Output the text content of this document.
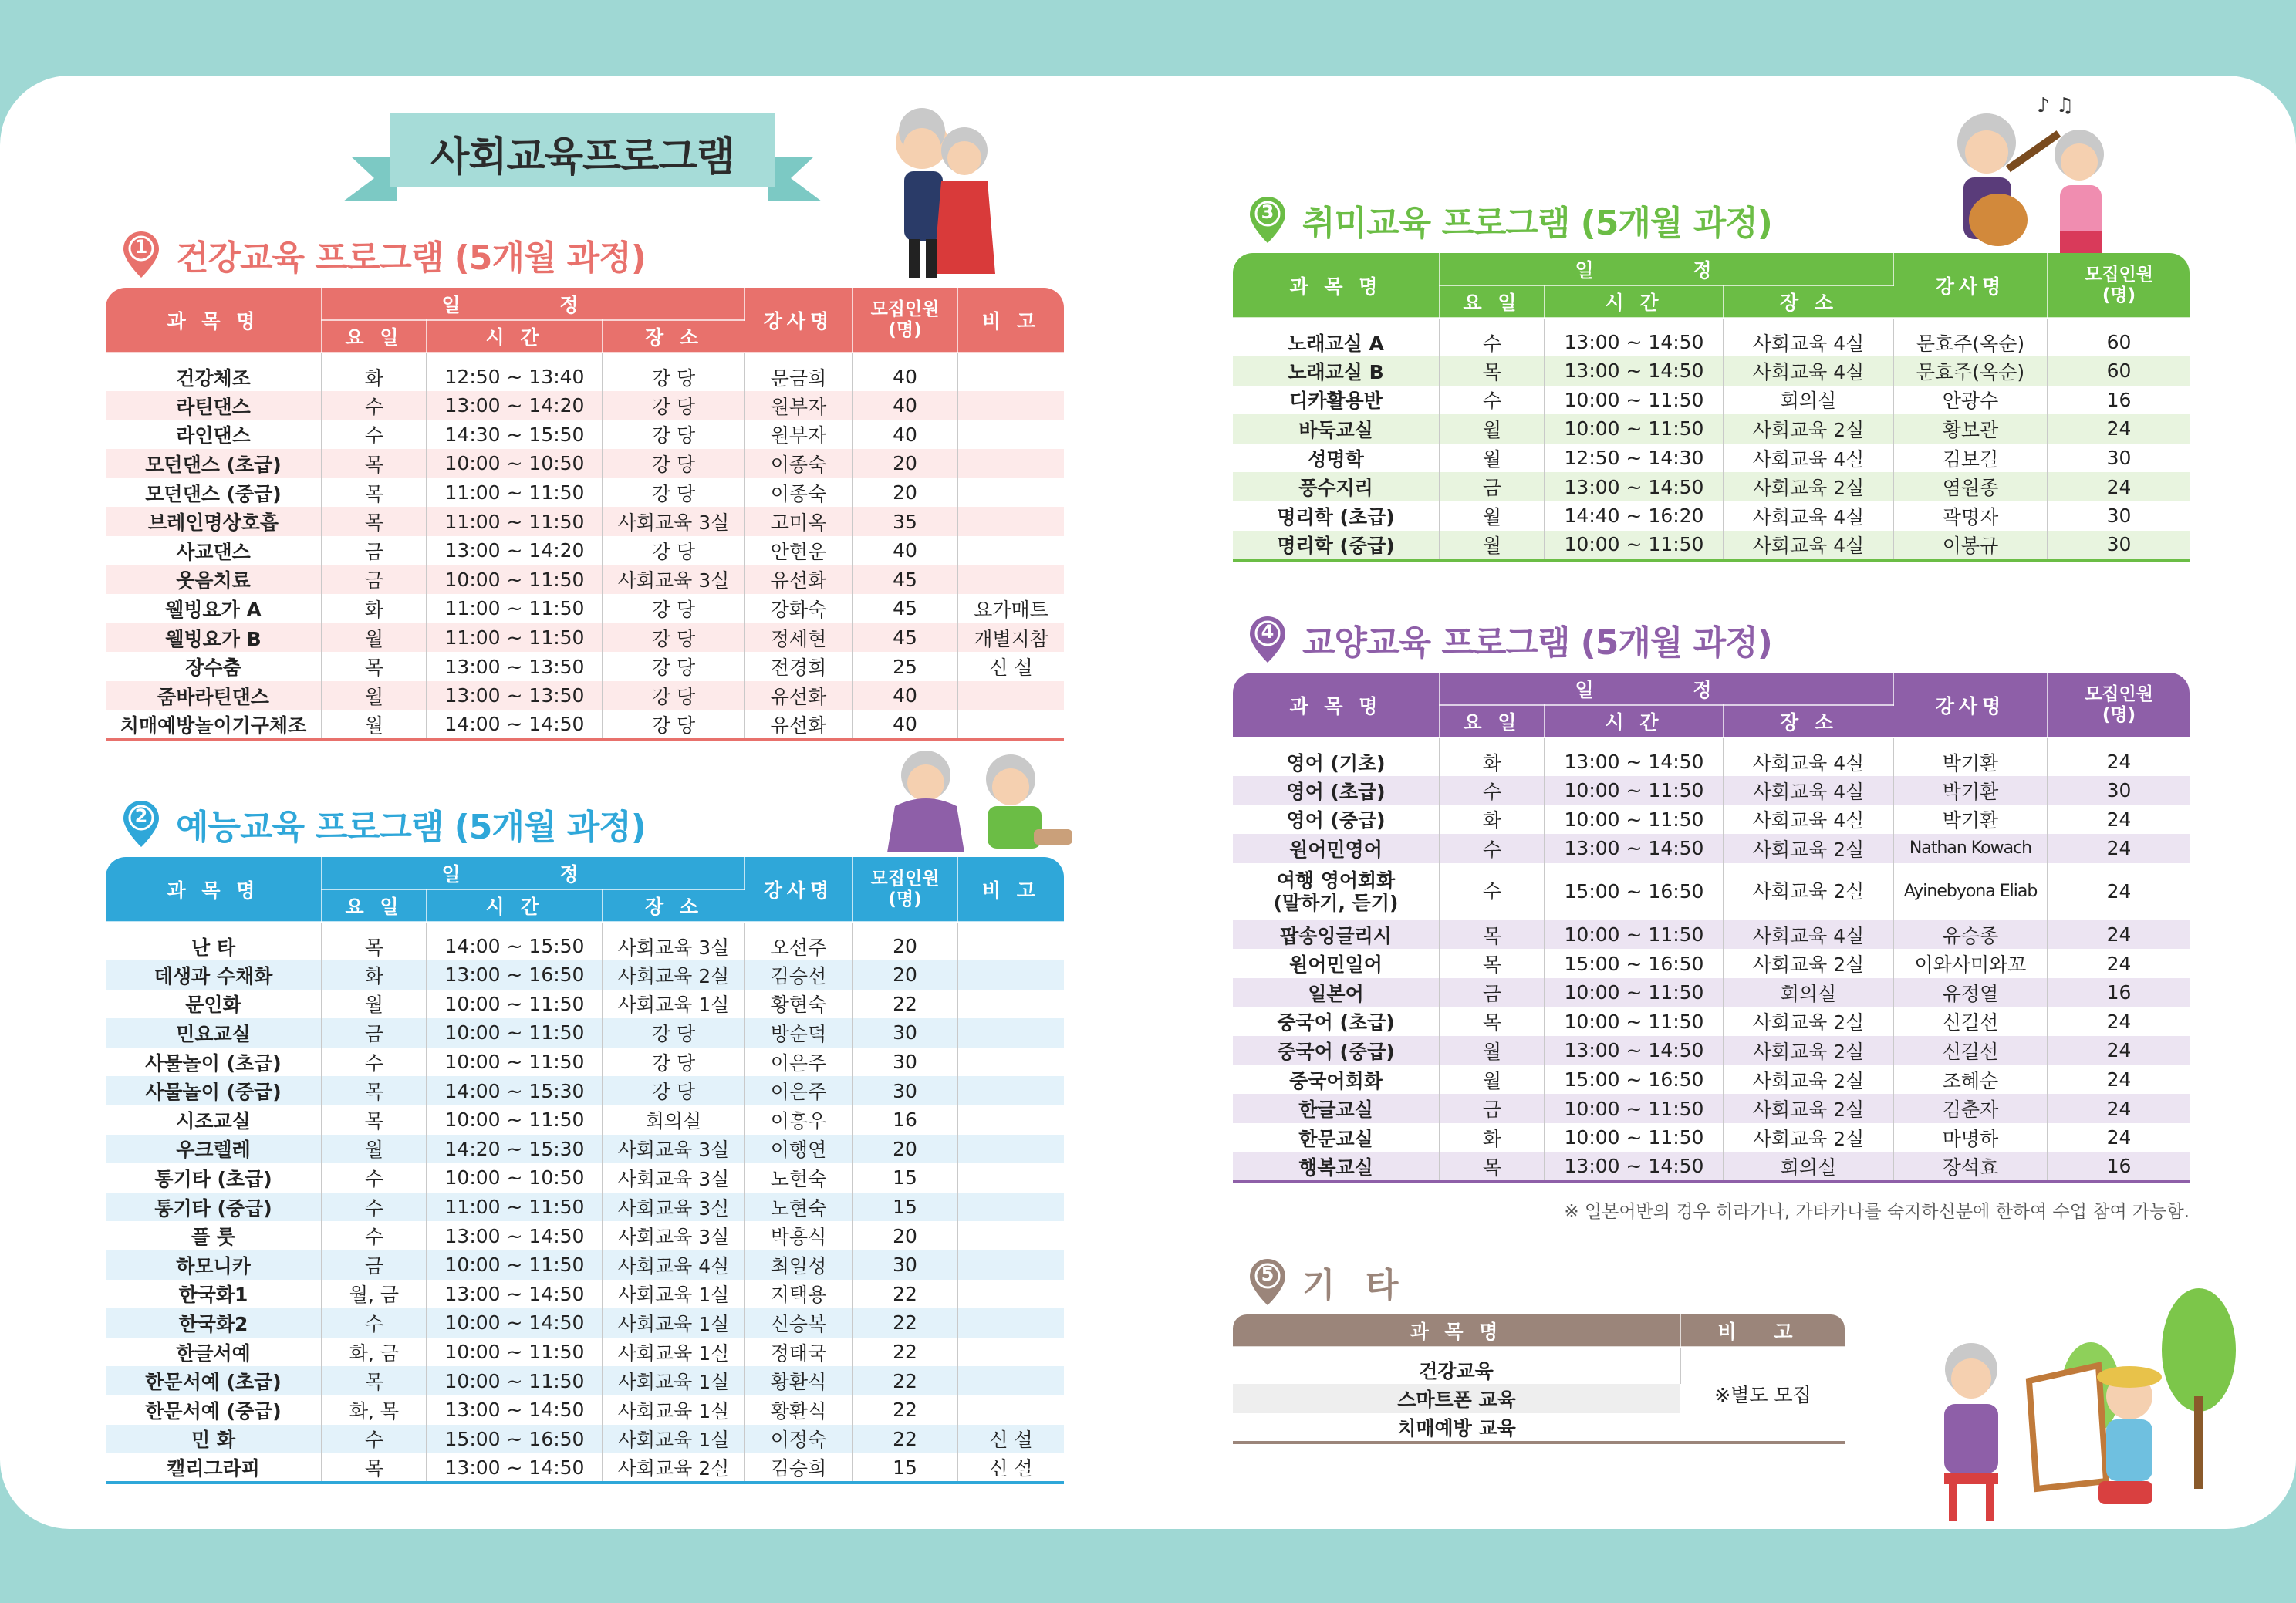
사회교육프로그램
♪ ♫
1 건강교육 프로그램 (5개월 과정)
과 목 명	일 정			강사명	모집인원
(명)	비 고
	요 일	시 간	장 소			
건강체조	화	12:50 ~ 13:40	강 당	문금희	40	
라틴댄스	수	13:00 ~ 14:20	강 당	원부자	40	
라인댄스	수	14:30 ~ 15:50	강 당	원부자	40	
모던댄스 (초급)	목	10:00 ~ 10:50	강 당	이종숙	20	
모던댄스 (중급)	목	11:00 ~ 11:50	강 당	이종숙	20	
브레인명상호흡	목	11:00 ~ 11:50	사회교육 3실	고미옥	35	
사교댄스	금	13:00 ~ 14:20	강 당	안현운	40	
웃음치료	금	10:00 ~ 11:50	사회교육 3실	유선화	45	
웰빙요가 A	화	11:00 ~ 11:50	강 당	강화숙	45	요가매트
웰빙요가 B	월	11:00 ~ 11:50	강 당	정세현	45	개별지참
장수춤	목	13:00 ~ 13:50	강 당	전경희	25	신 설
줌바라틴댄스	월	13:00 ~ 13:50	강 당	유선화	40	
치매예방놀이기구체조	월	14:00 ~ 14:50	강 당	유선화	40	
2 예능교육 프로그램 (5개월 과정)
과 목 명	일 정			강사명	모집인원
(명)	비 고
	요 일	시 간	장 소			
난 타	목	14:00 ~ 15:50	사회교육 3실	오선주	20	
데생과 수채화	화	13:00 ~ 16:50	사회교육 2실	김승선	20	
문인화	월	10:00 ~ 11:50	사회교육 1실	황현숙	22	
민요교실	금	10:00 ~ 11:50	강 당	방순덕	30	
사물놀이 (초급)	수	10:00 ~ 11:50	강 당	이은주	30	
사물놀이 (중급)	목	14:00 ~ 15:30	강 당	이은주	30	
시조교실	목	10:00 ~ 11:50	회의실	이흥우	16	
우크렐레	월	14:20 ~ 15:30	사회교육 3실	이행연	20	
통기타 (초급)	수	10:00 ~ 10:50	사회교육 3실	노현숙	15	
통기타 (중급)	수	11:00 ~ 11:50	사회교육 3실	노현숙	15	
플 룻	수	13:00 ~ 14:50	사회교육 3실	박흥식	20	
하모니카	금	10:00 ~ 11:50	사회교육 4실	최일성	30	
한국화1	월, 금	13:00 ~ 14:50	사회교육 1실	지택용	22	
한국화2	수	10:00 ~ 14:50	사회교육 1실	신승복	22	
한글서예	화, 금	10:00 ~ 11:50	사회교육 1실	정태국	22	
한문서예 (초급)	목	10:00 ~ 11:50	사회교육 1실	황환식	22	
한문서예 (중급)	화, 목	13:00 ~ 14:50	사회교육 1실	황환식	22	
민 화	수	15:00 ~ 16:50	사회교육 1실	이정숙	22	신 설
캘리그라피	목	13:00 ~ 14:50	사회교육 2실	김승희	15	신 설
3 취미교육 프로그램 (5개월 과정)
과 목 명	일 정			강사명	모집인원
(명)
	요 일	시 간	장 소		
노래교실 A	수	13:00 ~ 14:50	사회교육 4실	문효주(옥순)	60
노래교실 B	목	13:00 ~ 14:50	사회교육 4실	문효주(옥순)	60
디카활용반	수	10:00 ~ 11:50	회의실	안광수	16
바둑교실	월	10:00 ~ 11:50	사회교육 2실	황보관	24
성명학	월	12:50 ~ 14:30	사회교육 4실	김보길	30
풍수지리	금	13:00 ~ 14:50	사회교육 2실	염원종	24
명리학 (초급)	월	14:40 ~ 16:20	사회교육 4실	곽명자	30
명리학 (중급)	월	10:00 ~ 11:50	사회교육 4실	이봉규	30
4 교양교육 프로그램 (5개월 과정)
과 목 명	일 정			강사명	모집인원
(명)
	요 일	시 간	장 소		
영어 (기초)	화	13:00 ~ 14:50	사회교육 4실	박기환	24
영어 (초급)	수	10:00 ~ 11:50	사회교육 4실	박기환	30
영어 (중급)	화	10:00 ~ 11:50	사회교육 4실	박기환	24
원어민영어	수	13:00 ~ 14:50	사회교육 2실	Nathan Kowach	24
여행 영어회화
(말하기, 듣기)	수	15:00 ~ 16:50	사회교육 2실	Ayinebyona Eliab	24
팝송잉글리시	목	10:00 ~ 11:50	사회교육 4실	유승종	24
원어민일어	목	15:00 ~ 16:50	사회교육 2실	이와사미와꼬	24
일본어	금	10:00 ~ 11:50	회의실	유정열	16
중국어 (초급)	목	10:00 ~ 11:50	사회교육 2실	신길선	24
중국어 (중급)	월	13:00 ~ 14:50	사회교육 2실	신길선	24
중국어회화	월	15:00 ~ 16:50	사회교육 2실	조혜순	24
한글교실	금	10:00 ~ 11:50	사회교육 2실	김춘자	24
한문교실	화	10:00 ~ 11:50	사회교육 2실	마명하	24
행복교실	목	13:00 ~ 14:50	회의실	장석효	16
※ 일본어반의 경우 히라가나, 가타카나를 숙지하신분에 한하여 수업 참여 가능함.
5 기 타
과 목 명	비 고
건강교육	※별도 모집
스마트폰 교육	
치매예방 교육	
